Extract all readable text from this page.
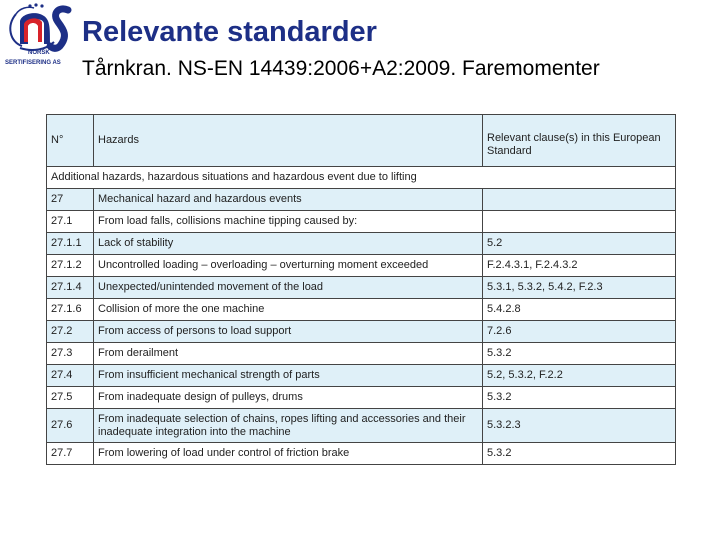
NORSK
SERTIFISERING AS
Relevante standarder
Tårnkran. NS-EN 14439:2006+A2:2009. Faremomenter
N°	Hazards	Relevant clause(s) in this European Standard
Additional hazards, hazardous situations and hazardous event due to lifting		
27	Mechanical hazard and hazardous events	
27.1	From load falls, collisions machine tipping caused by:	
27.1.1	Lack of stability	5.2
27.1.2	Uncontrolled loading – overloading – overturning moment exceeded	F.2.4.3.1, F.2.4.3.2
27.1.4	Unexpected/unintended movement of the load	5.3.1, 5.3.2, 5.4.2, F.2.3
27.1.6	Collision of more the one machine	5.4.2.8
27.2	From access of persons to load support	7.2.6
27.3	From derailment	5.3.2
27.4	From insufficient mechanical strength of parts	5.2, 5.3.2, F.2.2
27.5	From inadequate design of pulleys, drums	5.3.2
27.6	From inadequate selection of chains, ropes lifting and accessories and their inadequate integration into the machine	5.3.2.3
27.7	From lowering of load under control of friction brake	5.3.2
